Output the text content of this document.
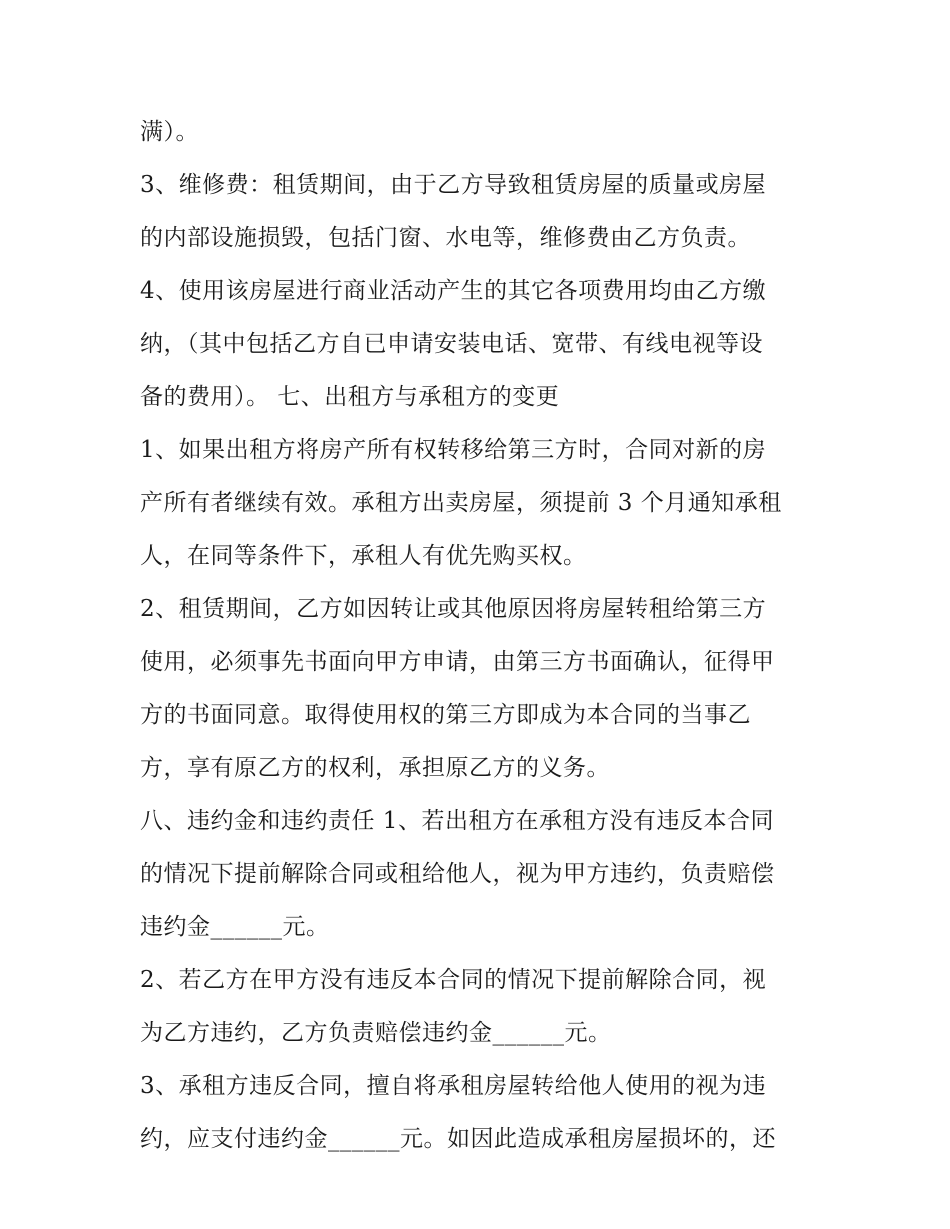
满）。
3、维修费：租赁期间，由于乙方导致租赁房屋的质量或房屋
的内部设施损毁，包括门窗、水电等，维修费由乙方负责。
4、使用该房屋进行商业活动产生的其它各项费用均由乙方缴
纳，（其中包括乙方自已申请安装电话、宽带、有线电视等设
备的费用）。 七、出租方与承租方的变更
1、如果出租方将房产所有权转移给第三方时，合同对新的房
产所有者继续有效。承租方出卖房屋，须提前 3 个月通知承租
人，在同等条件下，承租人有优先购买权。
2、租赁期间，乙方如因转让或其他原因将房屋转租给第三方
使用，必须事先书面向甲方申请，由第三方书面确认，征得甲
方的书面同意。取得使用权的第三方即成为本合同的当事乙
方，享有原乙方的权利，承担原乙方的义务。
八、违约金和违约责任 1、若出租方在承租方没有违反本合同
的情况下提前解除合同或租给他人，视为甲方违约，负责赔偿
违约金______元。
2、若乙方在甲方没有违反本合同的情况下提前解除合同，视
为乙方违约，乙方负责赔偿违约金______元。
3、承租方违反合同，擅自将承租房屋转给他人使用的视为违
约，应支付违约金______元。如因此造成承租房屋损坏的，还
